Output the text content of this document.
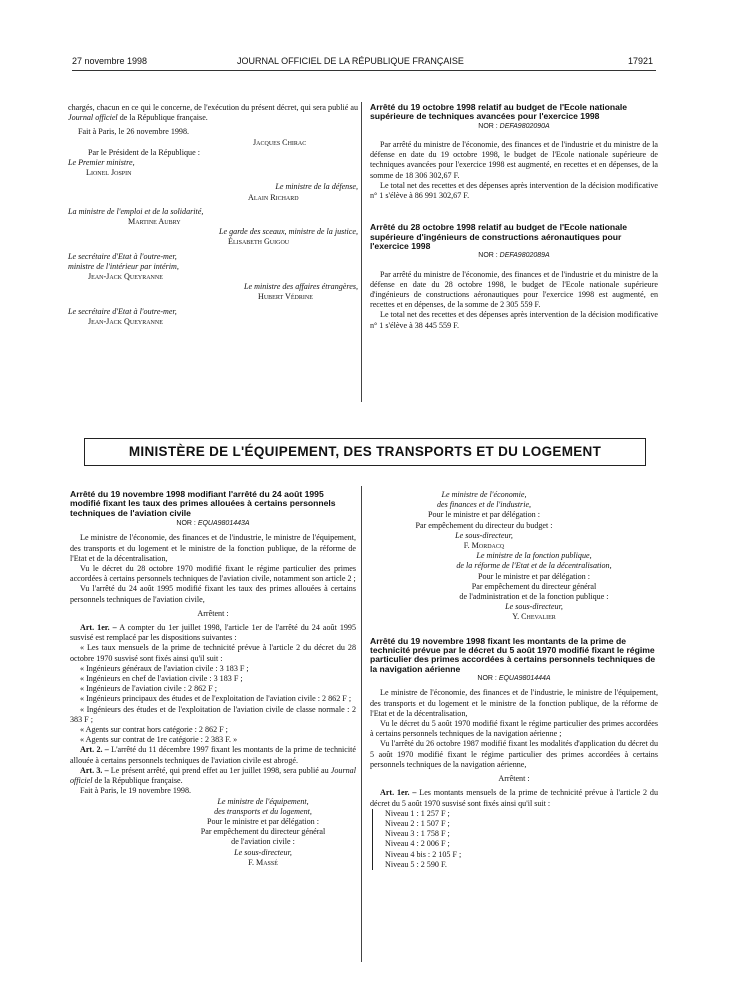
27 novembre 1998	JOURNAL OFFICIEL DE LA RÉPUBLIQUE FRANÇAISE	17921

chargés, chacun en ce qui le concerne, de l'exécution du présent décret, qui sera publié au Journal officiel de la République française.

Fait à Paris, le 26 novembre 1998.

Jacques Chirac

Par le Président de la République :

Le Premier ministre,

Lionel Jospin

Le ministre de la défense,

Alain Richard

La ministre de l'emploi et de la solidarité,

Martine Aubry

Le garde des sceaux, ministre de la justice,

Élisabeth Guigou

Le secrétaire d'Etat à l'outre-mer,

ministre de l'intérieur par intérim,

Jean-Jack Queyranne

Le ministre des affaires étrangères,

Hubert Védrine

Le secrétaire d'Etat à l'outre-mer,

Jean-Jack Queyranne

Arrêté du 19 octobre 1998 relatif au budget de l'Ecole nationale supérieure de techniques avancées pour l'exercice 1998

NOR : DEFA9802090A

Par arrêté du ministre de l'économie, des finances et de l'industrie et du ministre de la défense en date du 19 octobre 1998, le budget de l'Ecole nationale supérieure de techniques avancées pour l'exercice 1998 est augmenté, en recettes et en dépenses, de la somme de 18 306 302,67 F.

Le total net des recettes et des dépenses après intervention de la décision modificative n° 1 s'élève à 86 991 302,67 F.

Arrêté du 28 octobre 1998 relatif au budget de l'Ecole nationale supérieure d'ingénieurs de constructions aéronautiques pour l'exercice 1998

NOR : DEFA9802089A

Par arrêté du ministre de l'économie, des finances et de l'industrie et du ministre de la défense en date du 28 octobre 1998, le budget de l'Ecole nationale supérieure d'ingénieurs de constructions aéronautiques pour l'exercice 1998 est augmenté, en recettes et en dépenses, de la somme de 2 305 559 F.

Le total net des recettes et des dépenses après intervention de la décision modificative n° 1 s'élève à 38 445 559 F.

MINISTÈRE DE L'ÉQUIPEMENT, DES TRANSPORTS ET DU LOGEMENT

Arrêté du 19 novembre 1998 modifiant l'arrêté du 24 août 1995 modifié fixant les taux des primes allouées à certains personnels techniques de l'aviation civile

NOR : EQUA9801443A

Le ministre de l'économie, des finances et de l'industrie, le ministre de l'équipement, des transports et du logement et le ministre de la fonction publique, de la réforme de l'Etat et de la décentralisation,

Vu le décret du 28 octobre 1970 modifié fixant le régime particulier des primes accordées à certains personnels techniques de l'aviation civile, notamment son article 2 ;

Vu l'arrêté du 24 août 1995 modifié fixant les taux des primes allouées à certains personnels techniques de l'aviation civile,

Arrêtent :

Art. 1er. – A compter du 1er juillet 1998, l'article 1er de l'arrêté du 24 août 1995 susvisé est remplacé par les dispositions suivantes :

« Les taux mensuels de la prime de technicité prévue à l'article 2 du décret du 28 octobre 1970 susvisé sont fixés ainsi qu'il suit :

« Ingénieurs généraux de l'aviation civile : 3 183 F ;

« Ingénieurs en chef de l'aviation civile : 3 183 F ;

« Ingénieurs de l'aviation civile : 2 862 F ;

« Ingénieurs principaux des études et de l'exploitation de l'aviation civile : 2 862 F ;

« Ingénieurs des études et de l'exploitation de l'aviation civile de classe normale : 2 383 F ;

« Agents sur contrat hors catégorie : 2 862 F ;

« Agents sur contrat de 1re catégorie : 2 383 F. »

Art. 2. – L'arrêté du 11 décembre 1997 fixant les montants de la prime de technicité allouée à certains personnels techniques de l'aviation civile est abrogé.

Art. 3. – Le présent arrêté, qui prend effet au 1er juillet 1998, sera publié au Journal officiel de la République française.

Fait à Paris, le 19 novembre 1998.

Le ministre de l'équipement,

des transports et du logement,

Pour le ministre et par délégation :

Par empêchement du directeur général

de l'aviation civile :

Le sous-directeur,

F. Massé

Le ministre de l'économie,

des finances et de l'industrie,

Pour le ministre et par délégation :

Par empêchement du directeur du budget :

Le sous-directeur,

F. Mordacq

Le ministre de la fonction publique,

de la réforme de l'Etat et de la décentralisation,

Pour le ministre et par délégation :

Par empêchement du directeur général

de l'administration et de la fonction publique :

Le sous-directeur,

Y. Chevalier

Arrêté du 19 novembre 1998 fixant les montants de la prime de technicité prévue par le décret du 5 août 1970 modifié fixant le régime particulier des primes accordées à certains personnels techniques de la navigation aérienne

NOR : EQUA9801444A

Le ministre de l'économie, des finances et de l'industrie, le ministre de l'équipement, des transports et du logement et le ministre de la fonction publique, de la réforme de l'Etat et de la décentralisation,

Vu le décret du 5 août 1970 modifié fixant le régime particulier des primes accordées à certains personnels techniques de la navigation aérienne ;

Vu l'arrêté du 26 octobre 1987 modifié fixant les modalités d'application du décret du 5 août 1970 modifié fixant le régime particulier des primes accordées à certains personnels techniques de la navigation aérienne,

Arrêtent :

Art. 1er. – Les montants mensuels de la prime de technicité prévue à l'article 2 du décret du 5 août 1970 susvisé sont fixés ainsi qu'il suit :

Niveau 1 : 1 257 F ;

Niveau 2 : 1 507 F ;

Niveau 3 : 1 758 F ;

Niveau 4 : 2 006 F ;

Niveau 4 bis : 2 105 F ;

Niveau 5 : 2 590 F.
